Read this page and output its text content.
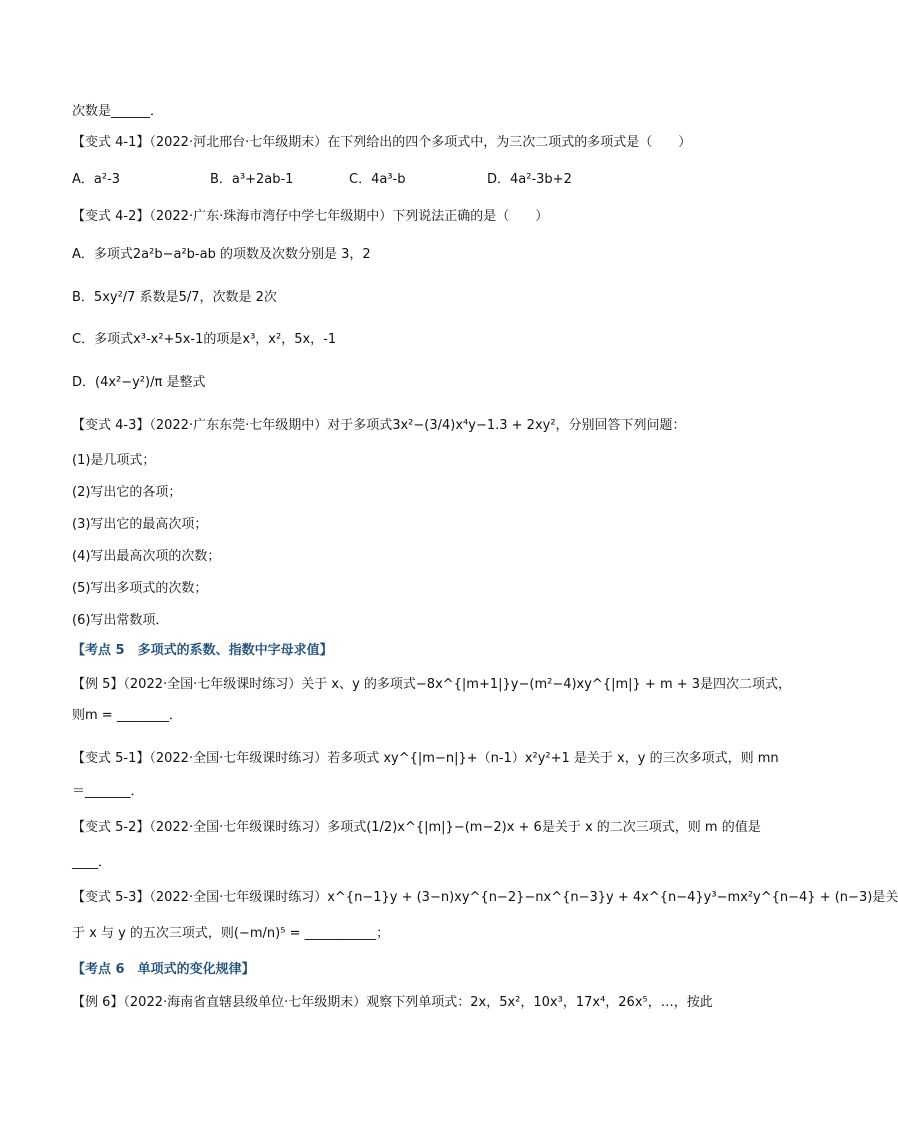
次数是______．
【变式 4-1】（2022·河北邢台·七年级期末）在下列给出的四个多项式中，为三次二项式的多项式是（　　）
A．a²-3	B．a³+2ab-1	C．4a³-b	D．4a²-3b+2
【变式 4-2】（2022·广东·珠海市湾仔中学七年级期中）下列说法正确的是（　　）
A．多项式2a²b−a²b-ab 的项数及次数分别是 3，2
B．5xy²/7 系数是5/7，次数是 2次
C．多项式x³-x²+5x-1的项是x³，x²，5x，-1
D．(4x²−y²)/π 是整式
【变式 4-3】（2022·广东东莞·七年级期中）对于多项式3x²−(3/4)x⁴y−1.3 + 2xy²，分别回答下列问题：
(1)是几项式；
(2)写出它的各项；
(3)写出它的最高次项；
(4)写出最高次项的次数；
(5)写出多项式的次数；
(6)写出常数项．
【考点 5　多项式的系数、指数中字母求值】
【例 5】（2022·全国·七年级课时练习）关于 x、y 的多项式−8x^{|m+1|}y−(m²−4)xy^{|m|} + m + 3是四次二项式，
则m = ________．
【变式 5-1】（2022·全国·七年级课时练习）若多项式 xy^{|m−n|}+（n-1）x²y²+1 是关于 x，y 的三次多项式，则 mn
＝_______．
【变式 5-2】（2022·全国·七年级课时练习）多项式(1/2)x^{|m|}−(m−2)x + 6是关于 x 的二次三项式，则 m 的值是
____．
【变式 5-3】（2022·全国·七年级课时练习）x^{n−1}y + (3−n)xy^{n−2}−nx^{n−3}y + 4x^{n−4}y³−mx²y^{n−4} + (n−3)是关
于 x 与 y 的五次三项式，则(−m/n)⁵ = ___________；
【考点 6　单项式的变化规律】
【例 6】（2022·海南省直辖县级单位·七年级期末）观察下列单项式：2x，5x²，10x³，17x⁴，26x⁵，…，按此
